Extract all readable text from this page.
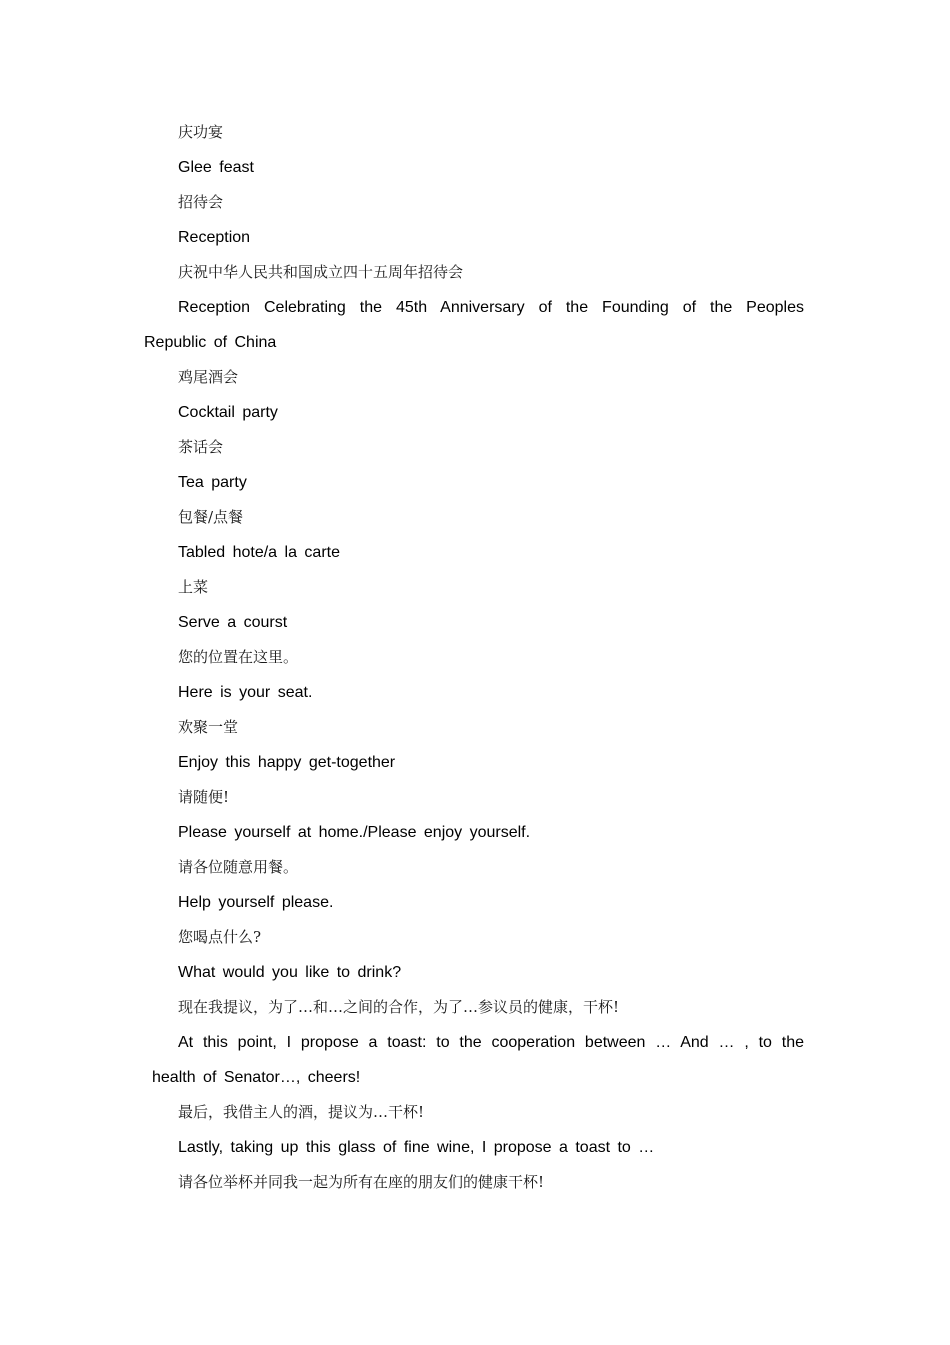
庆功宴
Glee feast
招待会
Reception
庆祝中华人民共和国成立四十五周年招待会
Reception Celebrating the 45th Anniversary of the Founding of the Peoples Republic of China
鸡尾酒会
Cocktail party
茶话会
Tea party
包餐/点餐
Tabled hote/a la carte
上菜
Serve a courst
您的位置在这里。
Here is your seat.
欢聚一堂
Enjoy this happy get-together
请随便!
Please yourself at home./Please enjoy yourself.
请各位随意用餐。
Help yourself please.
您喝点什么?
What would you like to drink?
现在我提议，为了…和…之间的合作，为了…参议员的健康，干杯!
At this point, I propose a toast: to the cooperation between … And … , to the health of Senator…, cheers!
最后，我借主人的酒，提议为…干杯!
Lastly, taking up this glass of fine wine, I propose a toast to …
请各位举杯并同我一起为所有在座的朋友们的健康干杯!
